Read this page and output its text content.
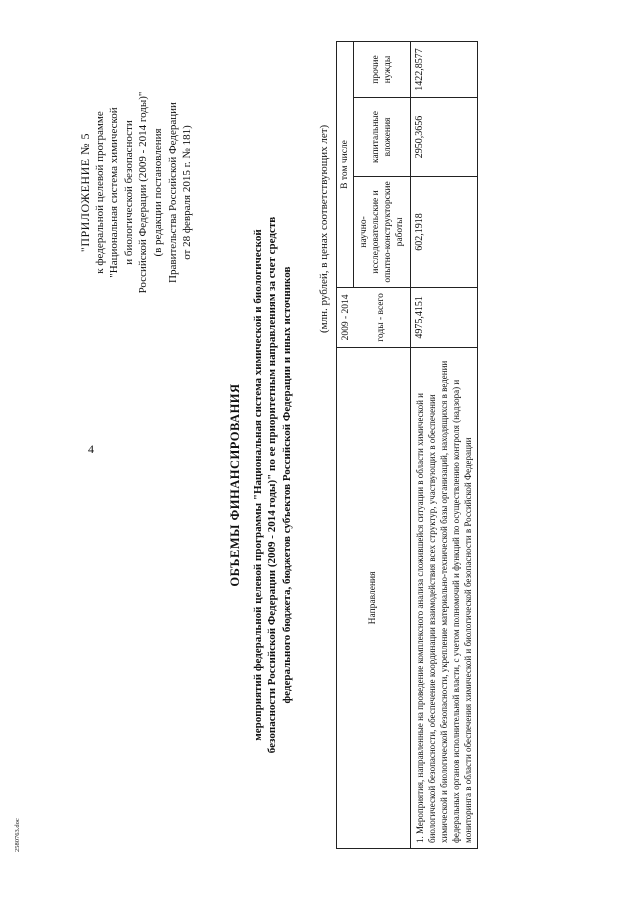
4
2580763.doc
"ПРИЛОЖЕНИЕ № 5 к федеральной целевой программе "Национальная система химической и биологической безопасности Российской Федерации (2009 - 2014 годы)" (в редакции постановления Правительства Российской Федерации от 28 февраля 2015 г. № 181)
ОБЪЕМЫ ФИНАНСИРОВАНИЯ мероприятий федеральной целевой программы "Национальная система химической и биологической безопасности Российской Федерации (2009 - 2014 годы)" по ее приоритетным направлениям за счет средств федерального бюджета, бюджетов субъектов Российской Федерации и иных источников
(млн. рублей, в ценах соответствующих лет)
Направления	2009 - 2014	В том числе		
	годы - всего	научно-исследовательские и опытно-конструкторские работы	капитальные вложения	прочие нужды
1. Мероприятия, направленные на проведение комплексного анализа сложившейся ситуации в области химической и биологической безопасности, обеспечение координации взаимодействия всех структур, участвующих в обеспечении химической и биологической безопасности, укрепление материально-технической базы организаций, находящихся в ведении федеральных органов исполнительной власти, с учетом полномочий и функций по осуществлению контроля (надзора) и мониторинга в области обеспечения химической и биологической безопасности в Российской Федерации	4975,4151	602,1918	2950,3656	1422,8577
